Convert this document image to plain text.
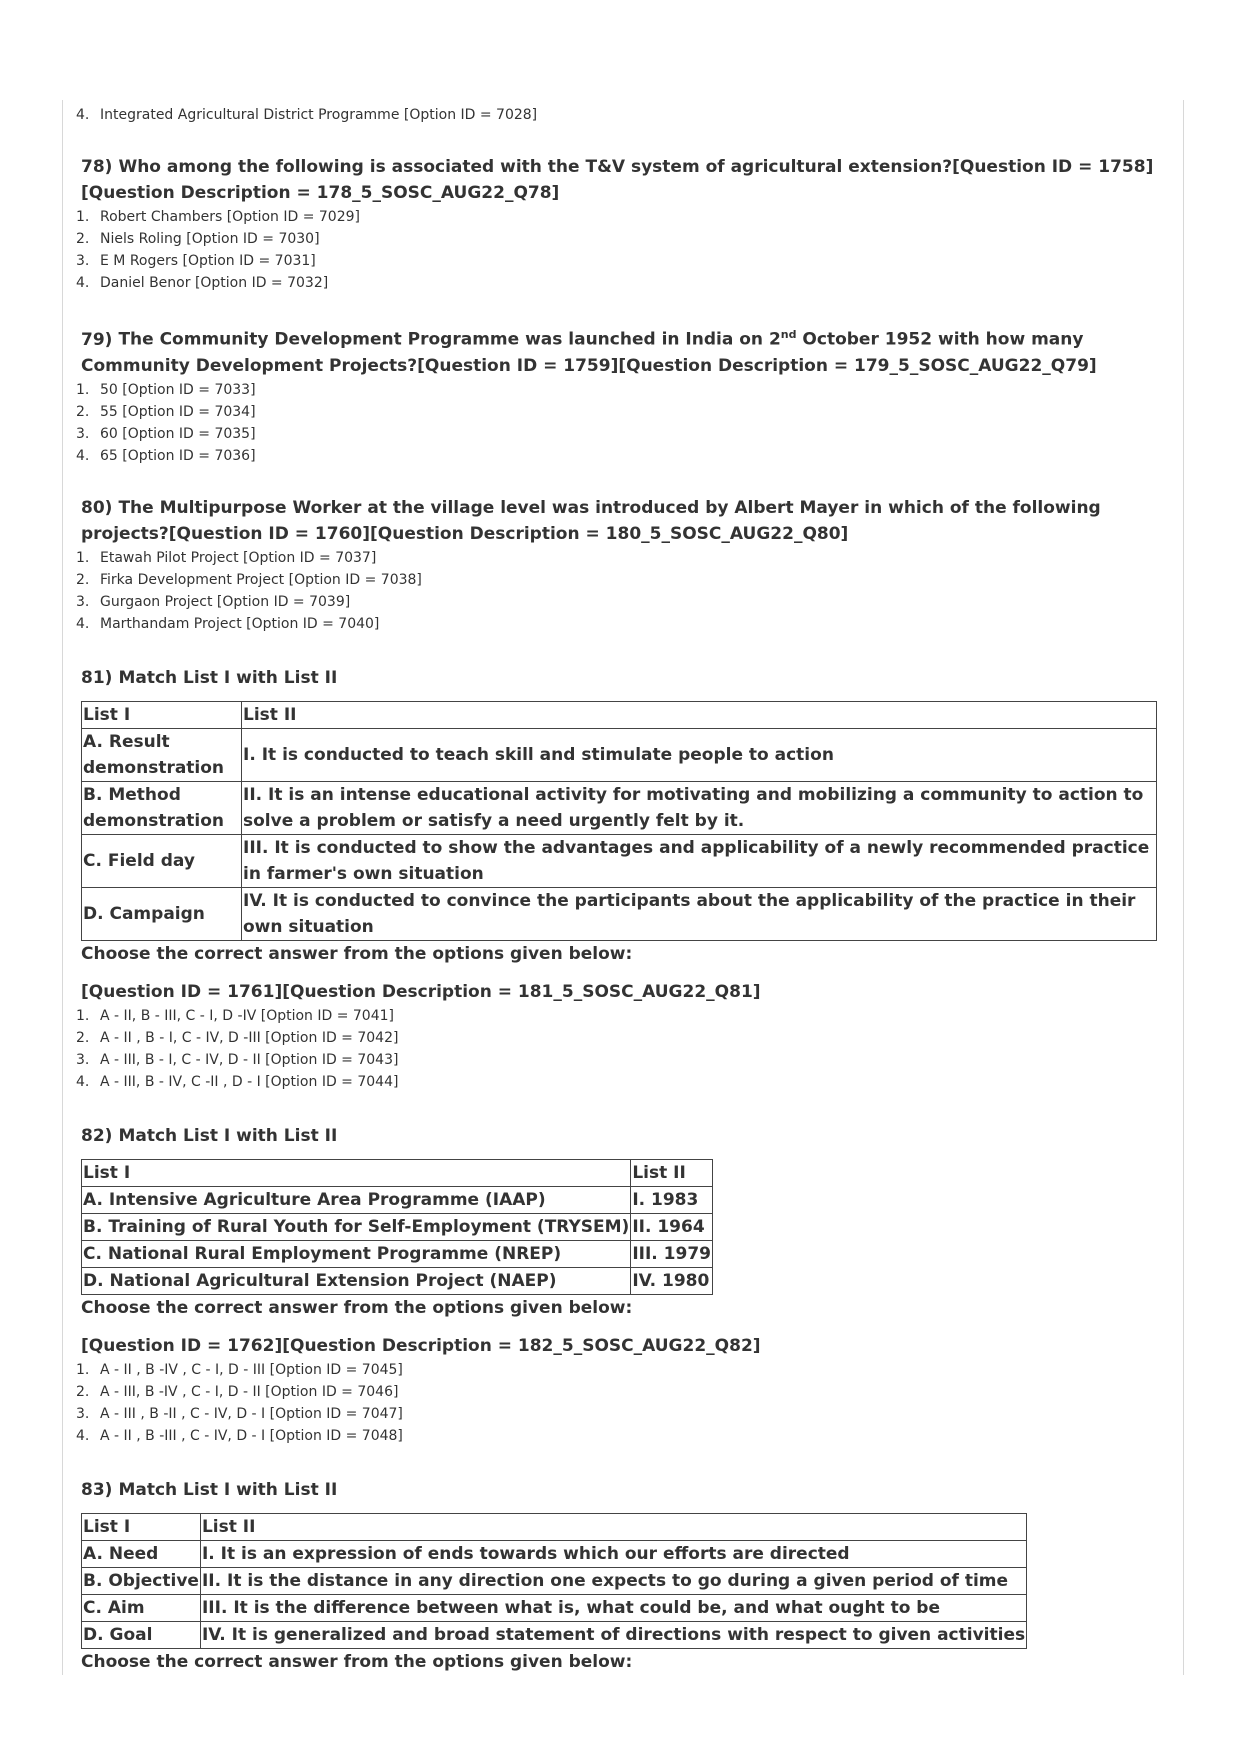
4. Integrated Agricultural District Programme [Option ID = 7028]
78) Who among the following is associated with the T&V system of agricultural extension?[Question ID = 1758][Question Description = 178_5_SOSC_AUG22_Q78]
1. Robert Chambers [Option ID = 7029]
2. Niels Roling [Option ID = 7030]
3. E M Rogers [Option ID = 7031]
4. Daniel Benor [Option ID = 7032]
79) The Community Development Programme was launched in India on 2nd October 1952 with how many Community Development Projects?[Question ID = 1759][Question Description = 179_5_SOSC_AUG22_Q79]
1. 50 [Option ID = 7033]
2. 55 [Option ID = 7034]
3. 60 [Option ID = 7035]
4. 65 [Option ID = 7036]
80) The Multipurpose Worker at the village level was introduced by Albert Mayer in which of the following projects?[Question ID = 1760][Question Description = 180_5_SOSC_AUG22_Q80]
1. Etawah Pilot Project [Option ID = 7037]
2. Firka Development Project [Option ID = 7038]
3. Gurgaon Project [Option ID = 7039]
4. Marthandam Project [Option ID = 7040]
81) Match List I with List II
List I	List II
A. Result demonstration	I. It is conducted to teach skill and stimulate people to action
B. Method demonstration	II. It is an intense educational activity for motivating and mobilizing a community to action to solve a problem or satisfy a need urgently felt by it.
C. Field day	III. It is conducted to show the advantages and applicability of a newly recommended practice in farmer's own situation
D. Campaign	IV. It is conducted to convince the participants about the applicability of the practice in their own situation
Choose the correct answer from the options given below:
[Question ID = 1761][Question Description = 181_5_SOSC_AUG22_Q81]
1. A - II, B - III, C - I, D -IV [Option ID = 7041]
2. A - II , B - I, C - IV, D -III [Option ID = 7042]
3. A - III, B - I, C - IV, D - II [Option ID = 7043]
4. A - III, B - IV, C -II , D - I [Option ID = 7044]
82) Match List I with List II
List I	List II
A. Intensive Agriculture Area Programme (IAAP)	I. 1983
B. Training of Rural Youth for Self-Employment (TRYSEM)	II. 1964
C. National Rural Employment Programme (NREP)	III. 1979
D. National Agricultural Extension Project (NAEP)	IV. 1980
Choose the correct answer from the options given below:
[Question ID = 1762][Question Description = 182_5_SOSC_AUG22_Q82]
1. A - II , B -IV , C - I, D - III [Option ID = 7045]
2. A - III, B -IV , C - I, D - II [Option ID = 7046]
3. A - III , B -II , C - IV, D - I [Option ID = 7047]
4. A - II , B -III , C - IV, D - I [Option ID = 7048]
83) Match List I with List II
List I	List II
A. Need	I. It is an expression of ends towards which our efforts are directed
B. Objective	II. It is the distance in any direction one expects to go during a given period of time
C. Aim	III. It is the difference between what is, what could be, and what ought to be
D. Goal	IV. It is generalized and broad statement of directions with respect to given activities
Choose the correct answer from the options given below:
